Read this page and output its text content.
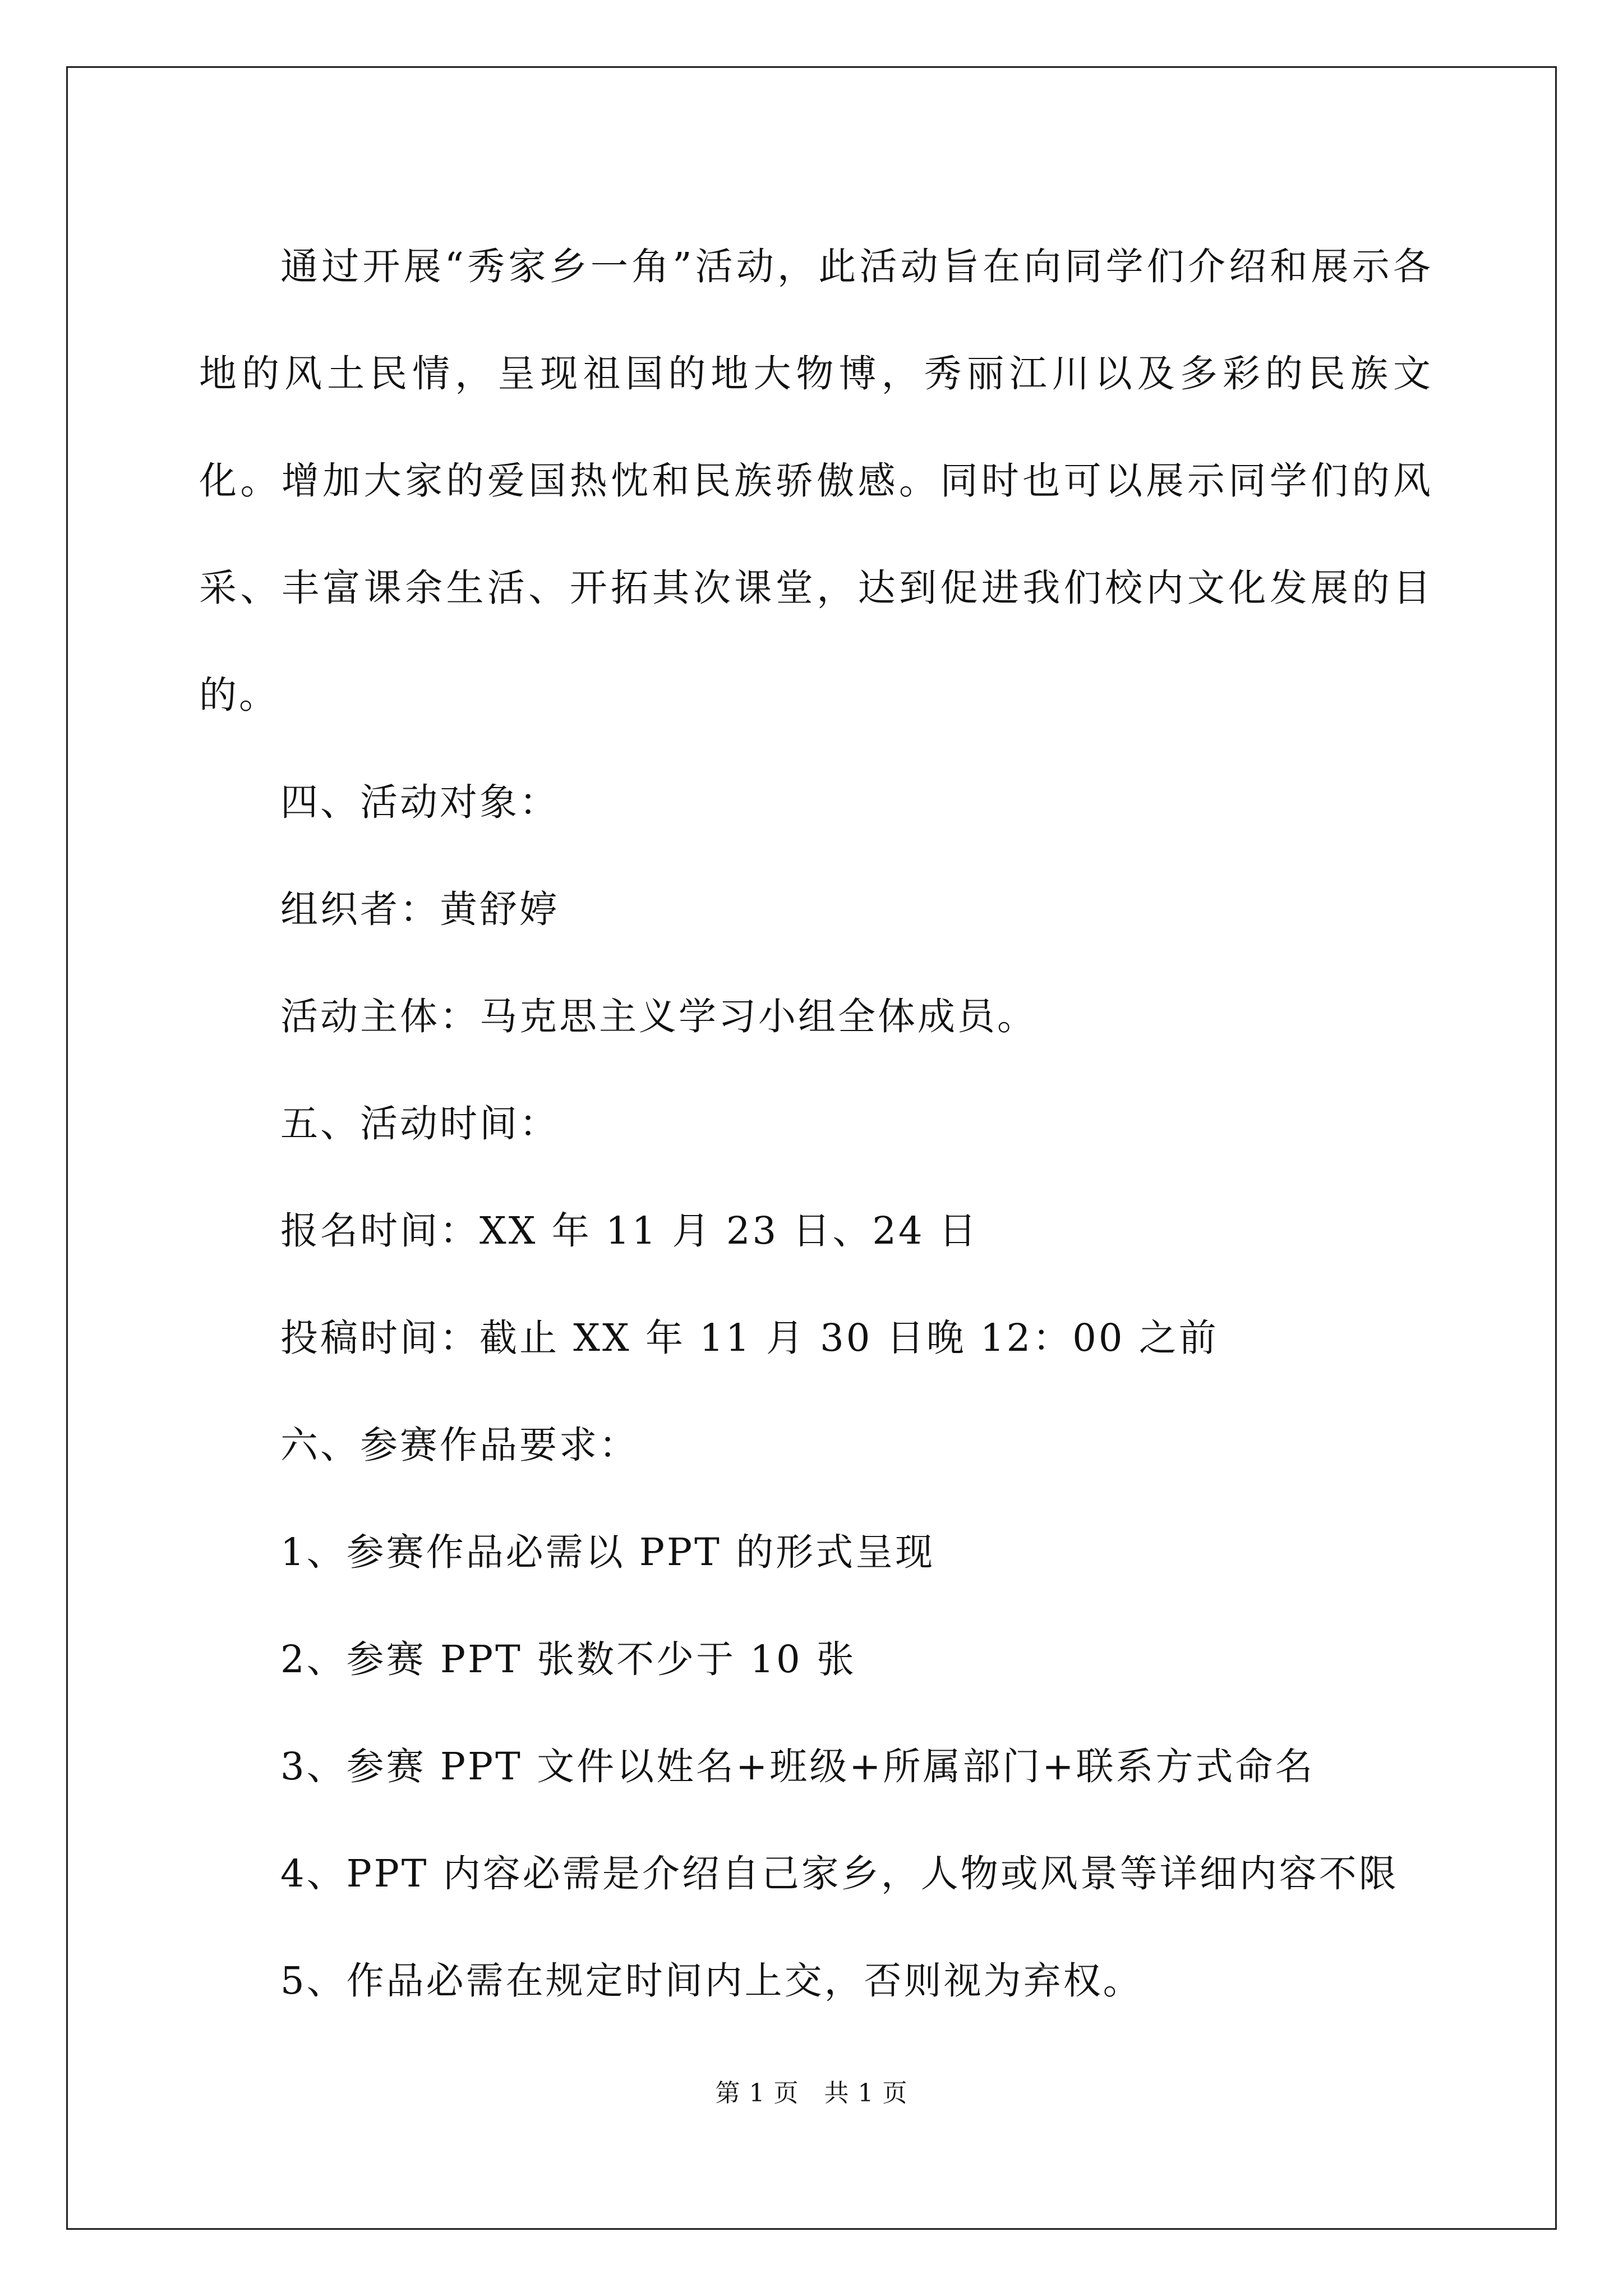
通过开展“秀家乡一角”活动，此活动旨在向同学们介绍和展示各地的风土民情，呈现祖国的地大物博，秀丽江川以及多彩的民族文化。增加大家的爱国热忱和民族骄傲感。同时也可以展示同学们的风采、丰富课余生活、开拓其次课堂，达到促进我们校内文化发展的目的。

四、活动对象：

组织者：黄舒婷

活动主体：马克思主义学习小组全体成员。

五、活动时间：

报名时间：XX 年 11 月 23 日、24 日

投稿时间：截止 XX 年 11 月 30 日晚 12：00 之前

六、参赛作品要求：

1、参赛作品必需以 PPT 的形式呈现

2、参赛 PPT 张数不少于 10 张

3、参赛 PPT 文件以姓名+班级+所属部门+联系方式命名

4、PPT 内容必需是介绍自己家乡，人物或风景等详细内容不限

5、作品必需在规定时间内上交，否则视为弃权。

第 1 页　共 1 页
